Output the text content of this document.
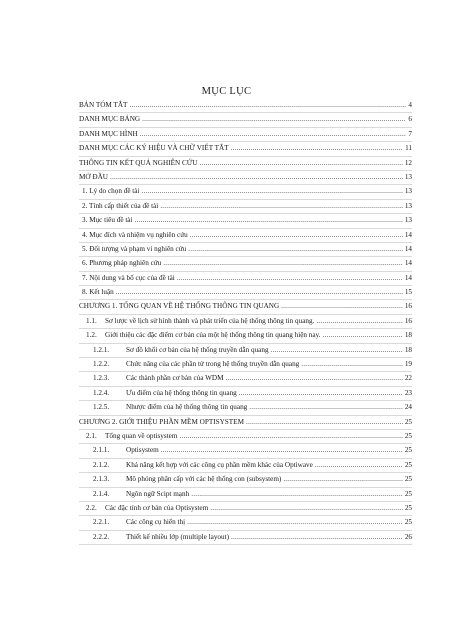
MỤC LỤC
BẢN TÓM TẮT .....	4
DANH MỤC BẢNG .....	6
DANH MỤC HÌNH .....	7
DANH MỤC CÁC KÝ HIỆU VÀ CHỮ VIẾT TẮT .....	11
THÔNG TIN KẾT QUẢ NGHIÊN CỨU .....	12
MỞ ĐẦU .....	13
1. Lý do chọn đề tài .....	13
2. Tính cấp thiết của đề tài .....	13
3. Mục tiêu đề tài .....	13
4. Mục đích và nhiệm vụ nghiên cứu .....	14
5. Đối tượng và phạm vi nghiên cứu .....	14
6. Phương pháp nghiên cứu .....	14
7. Nội dung và bố cục của đề tài .....	14
8. Kết luận .....	15
CHƯƠNG 1. TỔNG QUAN VỀ HỆ THỐNG THÔNG TIN QUANG .....	16
1.1.	Sơ lược về lịch sử hình thành và phát triển của hệ thống thông tin quang. .....	16
1.2.	Giới thiệu các đặc điểm cơ bản của một hệ thống thông tin quang hiện nay. .....	18
1.2.1.	Sơ đồ khối cơ bản của hệ thống truyền dẫn quang .....	18
1.2.2.	Chức năng của các phần tử trong hệ thống truyền dẫn quang .....	19
1.2.3.	Các thành phần cơ bản của WDM .....	22
1.2.4.	Ưu điểm của hệ thống thông tin quang .....	23
1.2.5.	Nhược điểm của hệ thống thông tin quang .....	24
CHƯƠNG 2. GIỚI THIỆU PHẦN MỀM OPTISYSTEM .....	25
2.1.	Tổng quan về optisystem .....	25
2.1.1.	Optisystem .....	25
2.1.2.	Khả năng kết hợp với các công cụ phần mềm khác của Optiwave .....	25
2.1.3.	Mô phỏng phân cấp với các hệ thống con (subsystem) .....	25
2.1.4.	Ngôn ngữ Scipt mạnh .....	25
2.2.	Các đặc tính cơ bản của Optisystem .....	25
2.2.1.	Các công cụ hiển thị .....	25
2.2.2.	Thiết kế nhiều lớp (multiple layout) .....	26
